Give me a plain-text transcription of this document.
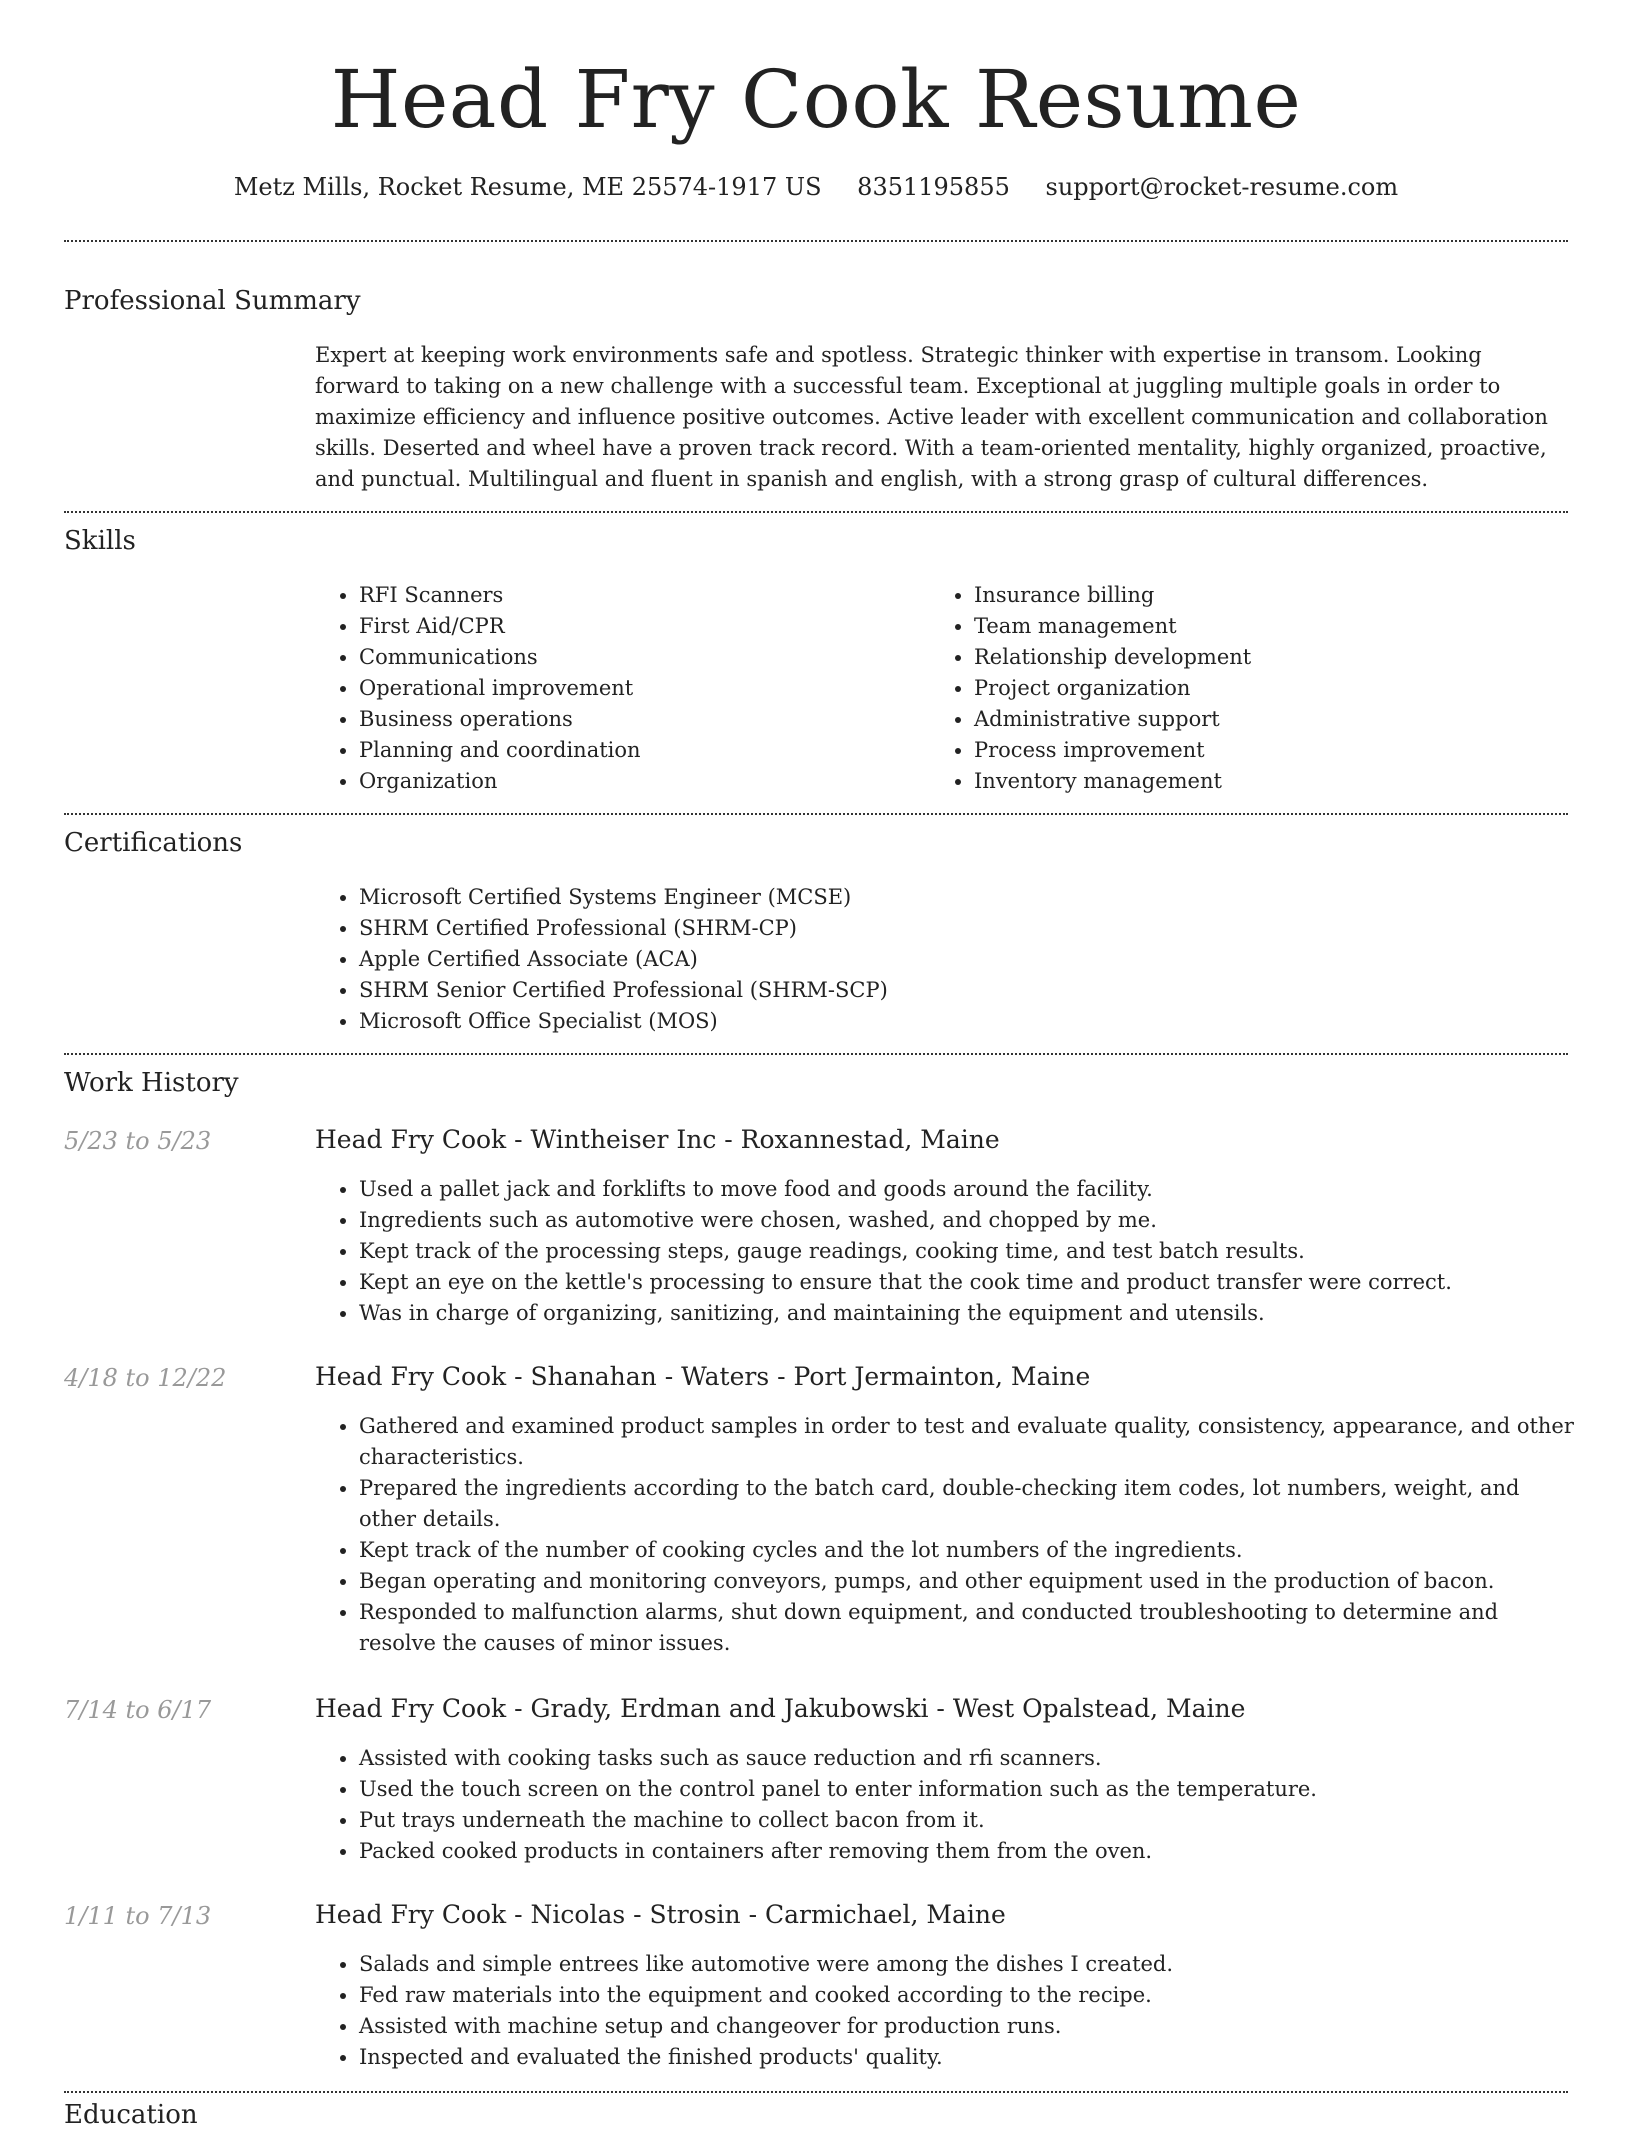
Head Fry Cook Resume
Metz Mills, Rocket Resume, ME 25574-1917 US 8351195855 support@rocket-resume.com
Professional Summary
Expert at keeping work environments safe and spotless. Strategic thinker with expertise in transom. Looking forward to taking on a new challenge with a successful team. Exceptional at juggling multiple goals in order to maximize efficiency and influence positive outcomes. Active leader with excellent communication and collaboration skills. Deserted and wheel have a proven track record. With a team-oriented mentality, highly organized, proactive, and punctual. Multilingual and fluent in spanish and english, with a strong grasp of cultural differences.
Skills
• RFI Scanners
• First Aid/CPR
• Communications
• Operational improvement
• Business operations
• Planning and coordination
• Organization
• Insurance billing
• Team management
• Relationship development
• Project organization
• Administrative support
• Process improvement
• Inventory management
Certifications
• Microsoft Certified Systems Engineer (MCSE)
• SHRM Certified Professional (SHRM-CP)
• Apple Certified Associate (ACA)
• SHRM Senior Certified Professional (SHRM-SCP)
• Microsoft Office Specialist (MOS)
Work History
5/23 to 5/23	Head Fry Cook - Wintheiser Inc - Roxannestad, Maine
• Used a pallet jack and forklifts to move food and goods around the facility.
• Ingredients such as automotive were chosen, washed, and chopped by me.
• Kept track of the processing steps, gauge readings, cooking time, and test batch results.
• Kept an eye on the kettle's processing to ensure that the cook time and product transfer were correct.
• Was in charge of organizing, sanitizing, and maintaining the equipment and utensils.
4/18 to 12/22	Head Fry Cook - Shanahan - Waters - Port Jermainton, Maine
• Gathered and examined product samples in order to test and evaluate quality, consistency, appearance, and other characteristics.
• Prepared the ingredients according to the batch card, double-checking item codes, lot numbers, weight, and other details.
• Kept track of the number of cooking cycles and the lot numbers of the ingredients.
• Began operating and monitoring conveyors, pumps, and other equipment used in the production of bacon.
• Responded to malfunction alarms, shut down equipment, and conducted troubleshooting to determine and resolve the causes of minor issues.
7/14 to 6/17	Head Fry Cook - Grady, Erdman and Jakubowski - West Opalstead, Maine
• Assisted with cooking tasks such as sauce reduction and rfi scanners.
• Used the touch screen on the control panel to enter information such as the temperature.
• Put trays underneath the machine to collect bacon from it.
• Packed cooked products in containers after removing them from the oven.
1/11 to 7/13	Head Fry Cook - Nicolas - Strosin - Carmichael, Maine
• Salads and simple entrees like automotive were among the dishes I created.
• Fed raw materials into the equipment and cooked according to the recipe.
• Assisted with machine setup and changeover for production runs.
• Inspected and evaluated the finished products' quality.
Education
